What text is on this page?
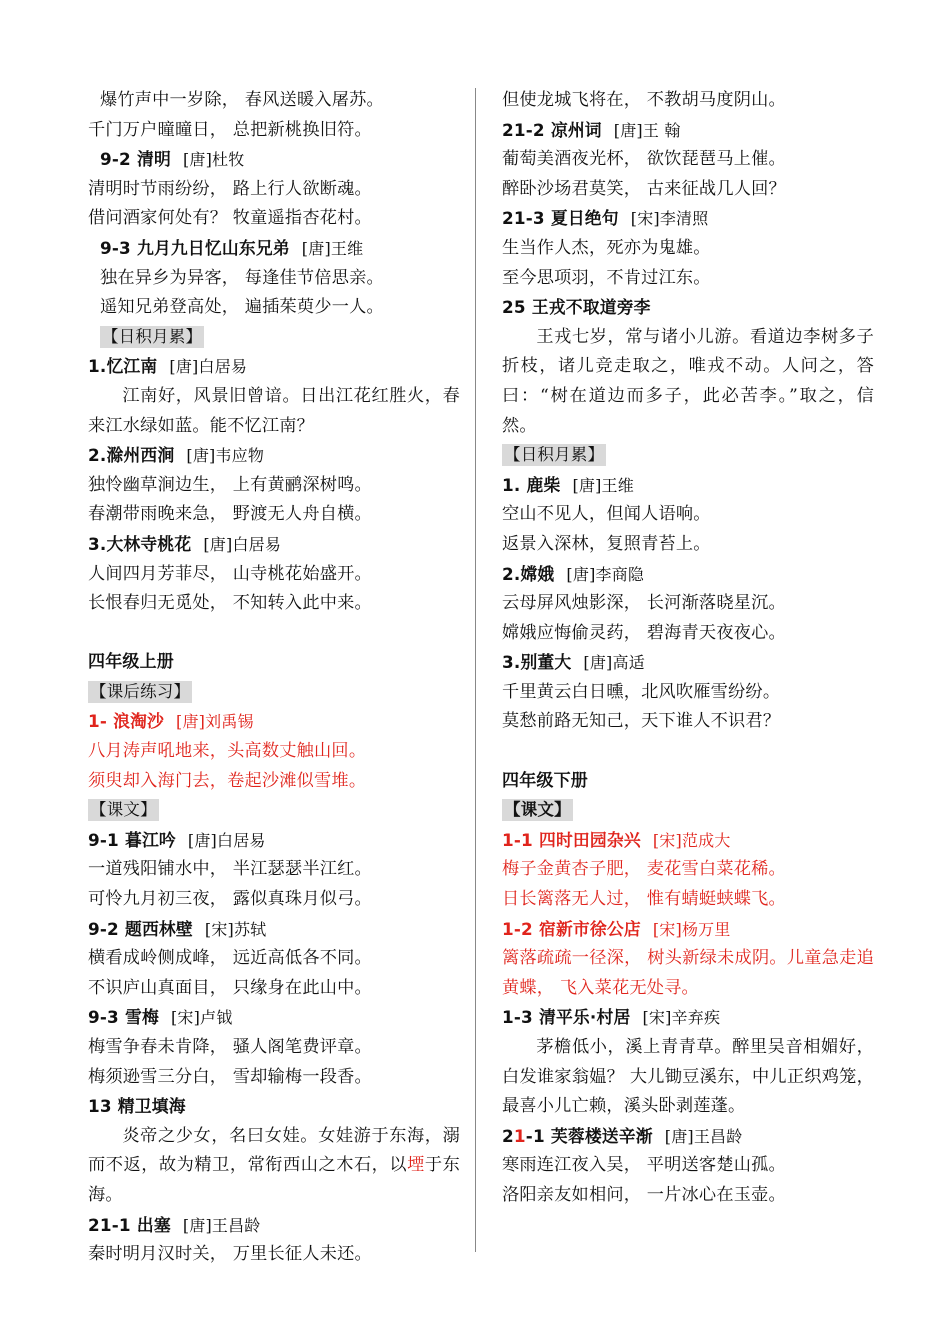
爆竹声中一岁除， 春风送暖入屠苏。
千门万户曈曈日， 总把新桃换旧符。
9-2 清明 [唐]杜牧
清明时节雨纷纷， 路上行人欲断魂。
借问酒家何处有？ 牧童遥指杏花村。
9-3 九月九日忆山东兄弟 [唐]王维
独在异乡为异客， 每逢佳节倍思亲。
遥知兄弟登高处， 遍插茱萸少一人。
【日积月累】
1.忆江南 [唐]白居易
江南好，风景旧曾谙。日出江花红胜火，春来江水绿如蓝。能不忆江南？
2.滁州西涧 [唐]韦应物
独怜幽草涧边生， 上有黄鹂深树鸣。
春潮带雨晚来急， 野渡无人舟自横。
3.大林寺桃花 [唐]白居易
人间四月芳菲尽， 山寺桃花始盛开。
长恨春归无觅处， 不知转入此中来。
四年级上册
【课后练习】
1- 浪淘沙 [唐]刘禹锡
八月涛声吼地来，头高数丈触山回。
须臾却入海门去，卷起沙滩似雪堆。
【课文】
9-1 暮江吟 [唐]白居易
一道残阳铺水中， 半江瑟瑟半江红。
可怜九月初三夜， 露似真珠月似弓。
9-2 题西林壁 [宋]苏轼
横看成岭侧成峰， 远近高低各不同。
不识庐山真面目， 只缘身在此山中。
9-3 雪梅 [宋]卢钺
梅雪争春未肯降， 骚人阁笔费评章。
梅须逊雪三分白， 雪却输梅一段香。
13 精卫填海
炎帝之少女，名曰女娃。女娃游于东海，溺而不返，故为精卫，常衔西山之木石，以堙于东海。
21-1 出塞 [唐]王昌龄
秦时明月汉时关， 万里长征人未还。
但使龙城飞将在， 不教胡马度阴山。
21-2 凉州词 [唐]王 翰
葡萄美酒夜光杯， 欲饮琵琶马上催。
醉卧沙场君莫笑， 古来征战几人回？
21-3 夏日绝句 [宋]李清照
生当作人杰，死亦为鬼雄。
至今思项羽，不肯过江东。
25 王戎不取道旁李
王戎七岁，常与诸小儿游。看道边李树多子折枝，诸儿竞走取之，唯戎不动。人问之，答曰：“树在道边而多子，此必苦李。”取之，信然。
【日积月累】
1. 鹿柴 [唐]王维
空山不见人，但闻人语响。
返景入深林，复照青苔上。
2.嫦娥 [唐]李商隐
云母屏风烛影深， 长河渐落晓星沉。
嫦娥应悔偷灵药， 碧海青天夜夜心。
3.别董大 [唐]高适
千里黄云白日曛，北风吹雁雪纷纷。
莫愁前路无知己，天下谁人不识君？
四年级下册
【课文】
1-1 四时田园杂兴 [宋]范成大
梅子金黄杏子肥， 麦花雪白菜花稀。
日长篱落无人过， 惟有蜻蜓蛱蝶飞。
1-2 宿新市徐公店 [宋]杨万里
篱落疏疏一径深， 树头新绿未成阴。儿童急走追黄蝶， 飞入菜花无处寻。
1-3 清平乐·村居 [宋]辛弃疾
茅檐低小，溪上青青草。醉里吴音相媚好，白发谁家翁媪？ 大儿锄豆溪东，中儿正织鸡笼，最喜小儿亡赖，溪头卧剥莲蓬。
21-1 芙蓉楼送辛渐 [唐]王昌龄
寒雨连江夜入吴， 平明送客楚山孤。
洛阳亲友如相问， 一片冰心在玉壶。
